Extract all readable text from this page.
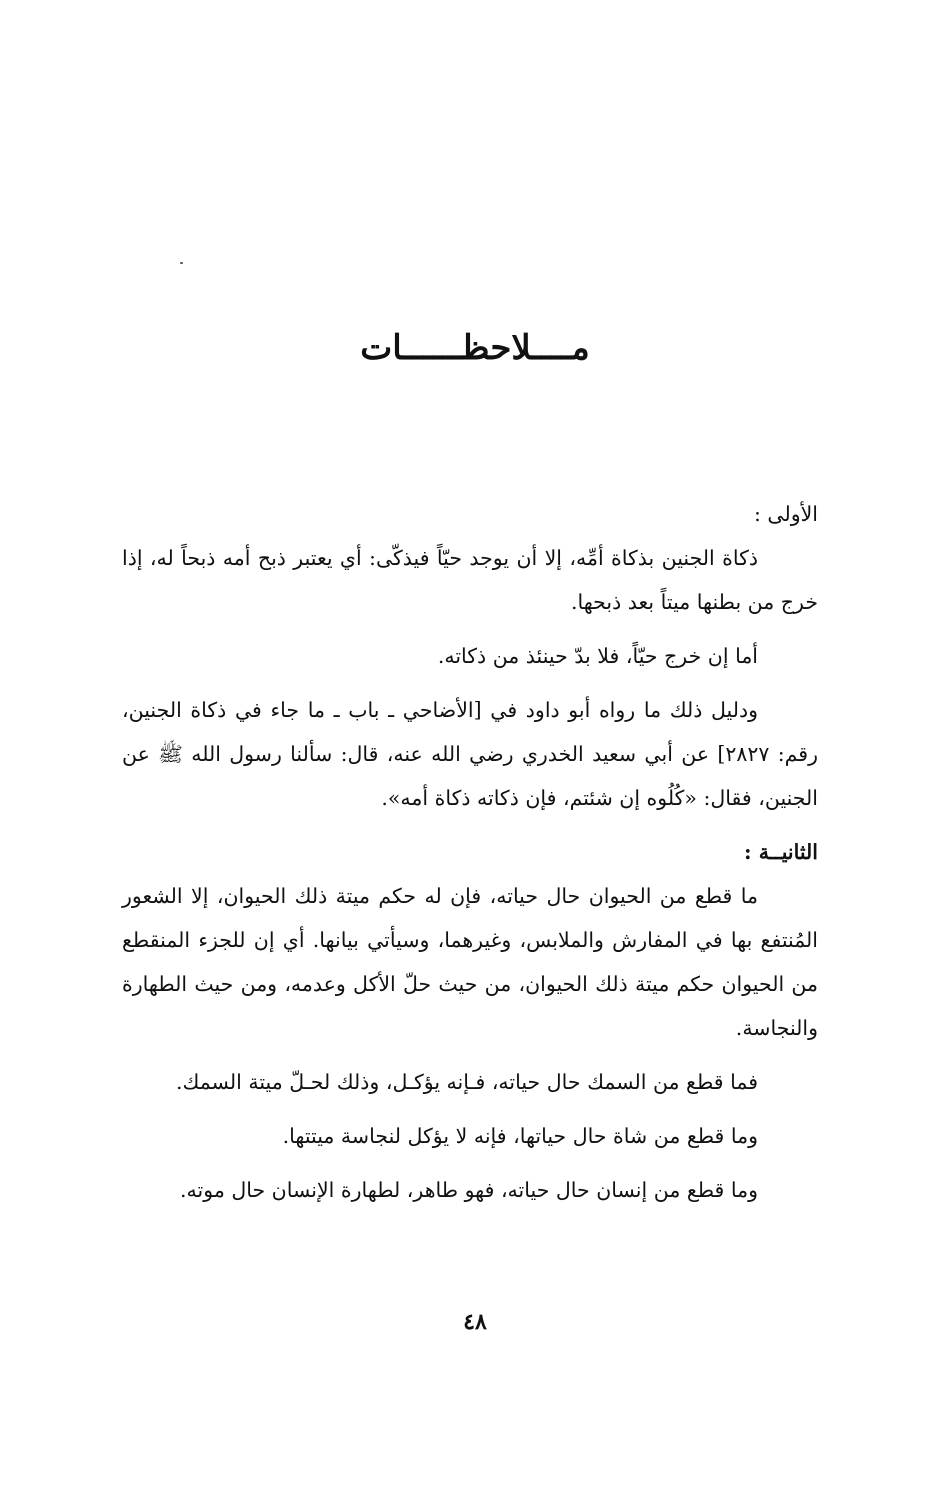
مــــلاحظــــــات

الأولى :

ذكاة الجنين بذكاة أمِّه، إلا أن يوجد حيّاً فيذكّى: أي يعتبر ذبح أمه ذبحاً له، إذا خرج من بطنها ميتاً بعد ذبحها.

أما إن خرج حيّاً، فلا بدّ حينئذ من ذكاته.

ودليل ذلك ما رواه أبو داود في [الأضاحي ـ باب ـ ما جاء في ذكاة الجنين، رقم: ٢٨٢٧] عن أبي سعيد الخدري رضي الله عنه، قال: سألنا رسول الله ﷺ عن الجنين، فقال: «كُلُوه إن شئتم، فإن ذكاته ذكاة أمه».

الثانيــة :

ما قطع من الحيوان حال حياته، فإن له حكم ميتة ذلك الحيوان، إلا الشعور المُنتفع بها في المفارش والملابس، وغيرهما، وسيأتي بيانها. أي إن للجزء المنقطع من الحيوان حكم ميتة ذلك الحيوان، من حيث حلّ الأكل وعدمه، ومن حيث الطهارة والنجاسة.

فما قطع من السمك حال حياته، فـإنه يؤكـل، وذلك لحـلّ ميتة السمك.

وما قطع من شاة حال حياتها، فإنه لا يؤكل لنجاسة ميتتها.

وما قطع من إنسان حال حياته، فهو طاهر، لطهارة الإنسان حال موته.

٤٨
